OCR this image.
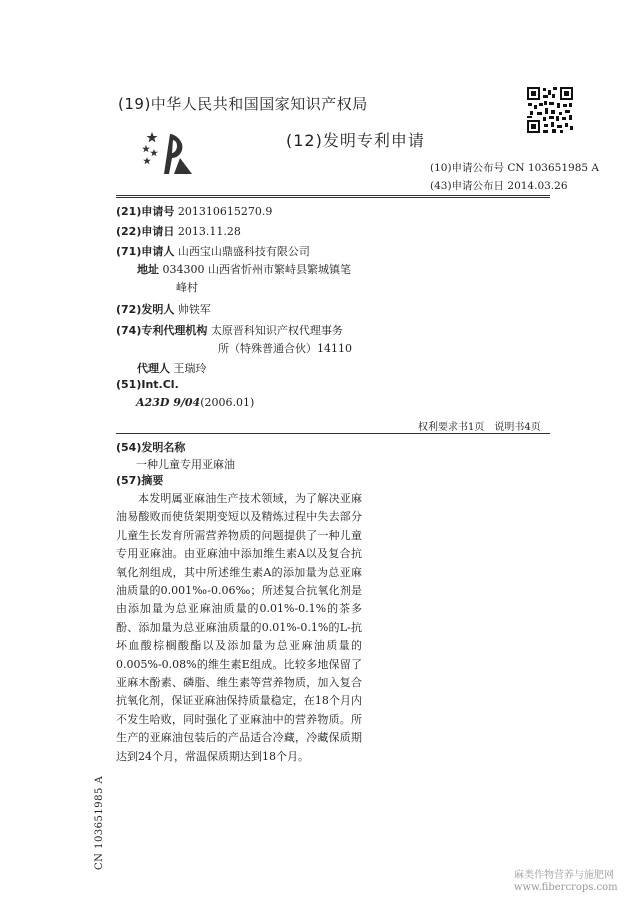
(19)中华人民共和国国家知识产权局
(12)发明专利申请
(10)申请公布号 CN 103651985 A
(43)申请公布日 2014.03.26
(21)申请号 201310615270.9
(22)申请日 2013.11.28
(71)申请人 山西宝山鼎盛科技有限公司
地址 034300 山西省忻州市繁峙县繁城镇笔
峰村
(72)发明人 帅铁军
(74)专利代理机构 太原晋科知识产权代理事务
所（特殊普通合伙）14110
代理人 王瑞玲
(51)Int.Cl.
A23D 9/04(2006.01)
权利要求书1页　说明书4页
(54)发明名称
一种儿童专用亚麻油
(57)摘要
本发明属亚麻油生产技术领域，为了解决亚麻油易酸败而使货架期变短以及精炼过程中失去部分儿童生长发育所需营养物质的问题提供了一种儿童专用亚麻油。由亚麻油中添加维生素A以及复合抗氧化剂组成，其中所述维生素A的添加量为总亚麻油质量的0.001‰-0.06‰；所述复合抗氧化剂是由添加量为总亚麻油质量的0.01%-0.1%的茶多酚、添加量为总亚麻油质量的0.01%-0.1%的L-抗坏血酸棕榈酸酯以及添加量为总亚麻油质量的0.005%-0.08%的维生素E组成。比较多地保留了亚麻木酚素、磷脂、维生素等营养物质，加入复合抗氧化剂，保证亚麻油保持质量稳定，在18个月内不发生哈败，同时强化了亚麻油中的营养物质。所生产的亚麻油包装后的产品适合冷藏，冷藏保质期达到24个月，常温保质期达到18个月。
CN 103651985 A
麻类作物营养与施肥网
www.fibercrops.com
